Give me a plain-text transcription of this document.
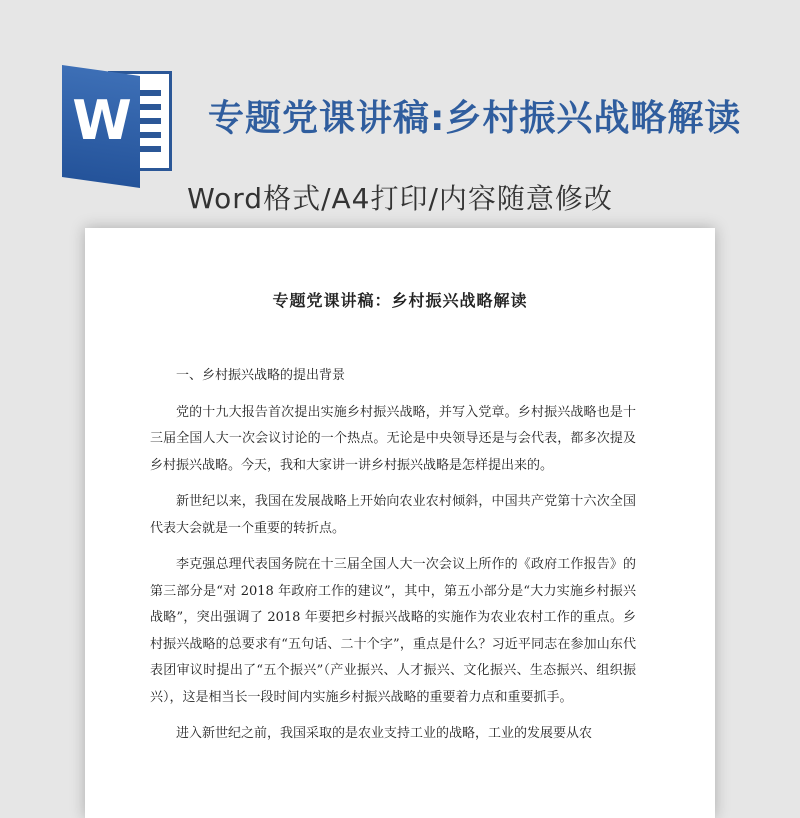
W 专题党课讲稿:乡村振兴战略解读
Word格式/A4打印/内容随意修改
专题党课讲稿：乡村振兴战略解读

一、乡村振兴战略的提出背景

党的十九大报告首次提出实施乡村振兴战略，并写入党章。乡村振兴战略也是十三届全国人大一次会议讨论的一个热点。无论是中央领导还是与会代表，都多次提及乡村振兴战略。今天，我和大家讲一讲乡村振兴战略是怎样提出来的。

新世纪以来，我国在发展战略上开始向农业农村倾斜，中国共产党第十六次全国代表大会就是一个重要的转折点。

李克强总理代表国务院在十三届全国人大一次会议上所作的《政府工作报告》的第三部分是“对 2018 年政府工作的建议”，其中，第五小部分是“大力实施乡村振兴战略”，突出强调了 2018 年要把乡村振兴战略的实施作为农业农村工作的重点。乡村振兴战略的总要求有“五句话、二十个字”，重点是什么？习近平同志在参加山东代表团审议时提出了“五个振兴”（产业振兴、人才振兴、文化振兴、生态振兴、组织振兴），这是相当长一段时间内实施乡村振兴战略的重要着力点和重要抓手。

进入新世纪之前，我国采取的是农业支持工业的战略，工业的发展要从农
